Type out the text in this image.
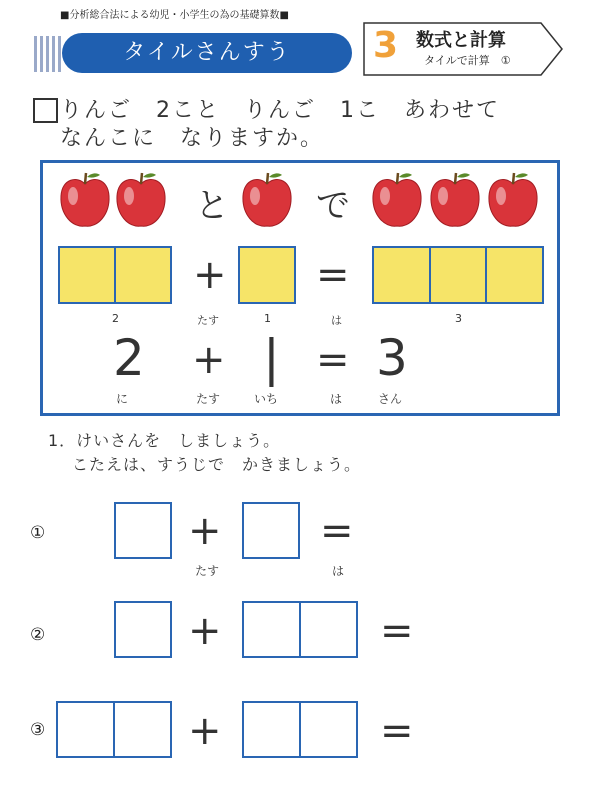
■分析総合法による幼児・小学生の為の基礎算数■
タイルさんすう	3 数式と計算
タイルで計算　①
りんご　2こと　りんご　1こ　あわせて
なんこに　なりますか。
と	で
+ =
2	たす	1	は	3
2 + | = 3
に	たす	いち	は	さん
1．けいさんを　しましょう。
こたえは、すうじで　かきましょう。
①	+ =
たす	は
②	+	=
③	+	=
